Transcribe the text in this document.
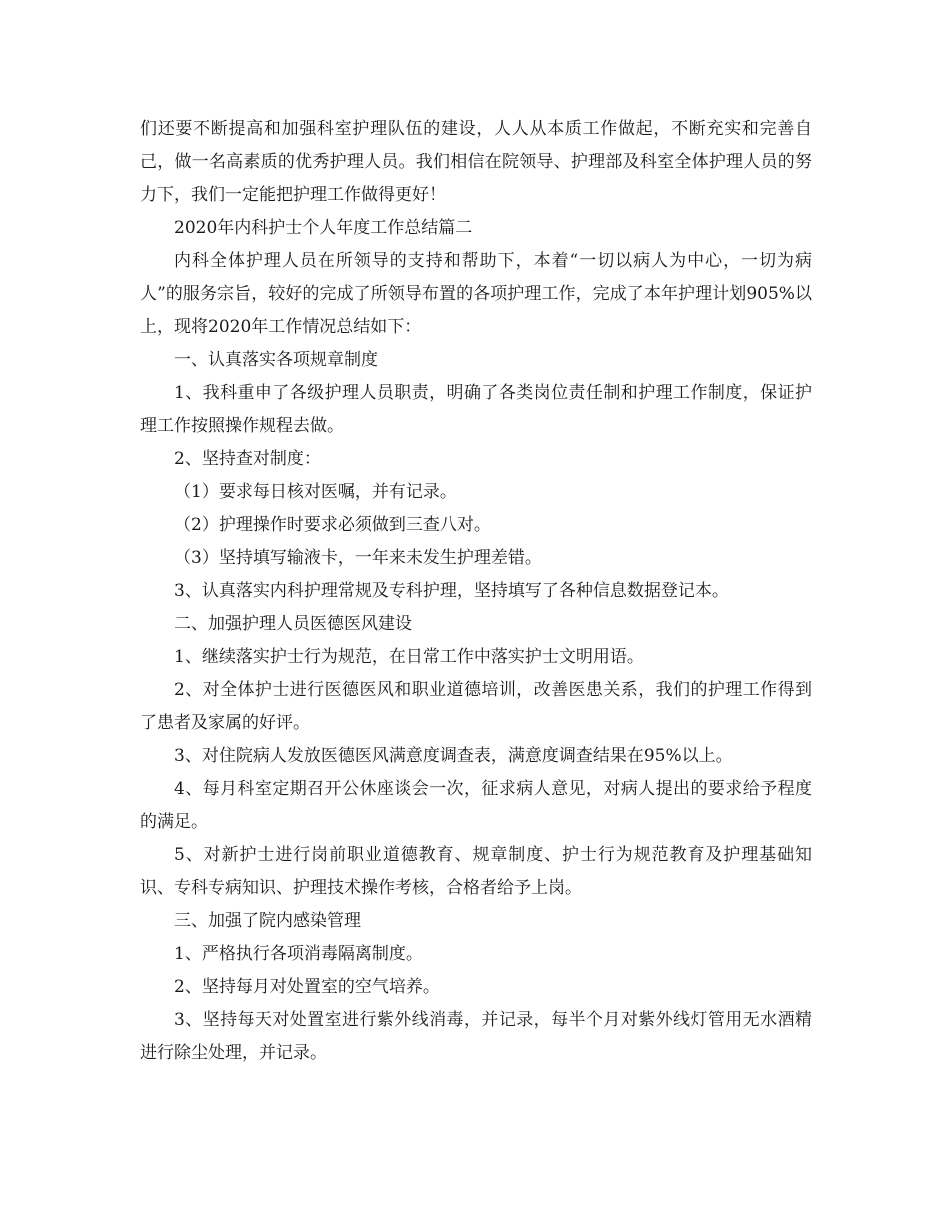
们还要不断提高和加强科室护理队伍的建设，人人从本质工作做起，不断充实和完善自己，做一名高素质的优秀护理人员。我们相信在院领导、护理部及科室全体护理人员的努力下，我们一定能把护理工作做得更好！

2020年内科护士个人年度工作总结篇二

内科全体护理人员在所领导的支持和帮助下，本着“一切以病人为中心，一切为病人”的服务宗旨，较好的完成了所领导布置的各项护理工作，完成了本年护理计划905%以上，现将2020年工作情况总结如下：

一、认真落实各项规章制度

1、我科重申了各级护理人员职责，明确了各类岗位责任制和护理工作制度，保证护理工作按照操作规程去做。

2、坚持查对制度：

（1）要求每日核对医嘱，并有记录。

（2）护理操作时要求必须做到三查八对。

（3）坚持填写输液卡，一年来未发生护理差错。

3、认真落实内科护理常规及专科护理，坚持填写了各种信息数据登记本。

二、加强护理人员医德医风建设

1、继续落实护士行为规范，在日常工作中落实护士文明用语。

2、对全体护士进行医德医风和职业道德培训，改善医患关系，我们的护理工作得到了患者及家属的好评。

3、对住院病人发放医德医风满意度调查表，满意度调查结果在95%以上。

4、每月科室定期召开公休座谈会一次，征求病人意见，对病人提出的要求给予程度的满足。

5、对新护士进行岗前职业道德教育、规章制度、护士行为规范教育及护理基础知识、专科专病知识、护理技术操作考核，合格者给予上岗。

三、加强了院内感染管理

1、严格执行各项消毒隔离制度。

2、坚持每月对处置室的空气培养。

3、坚持每天对处置室进行紫外线消毒，并记录，每半个月对紫外线灯管用无水酒精进行除尘处理，并记录。
